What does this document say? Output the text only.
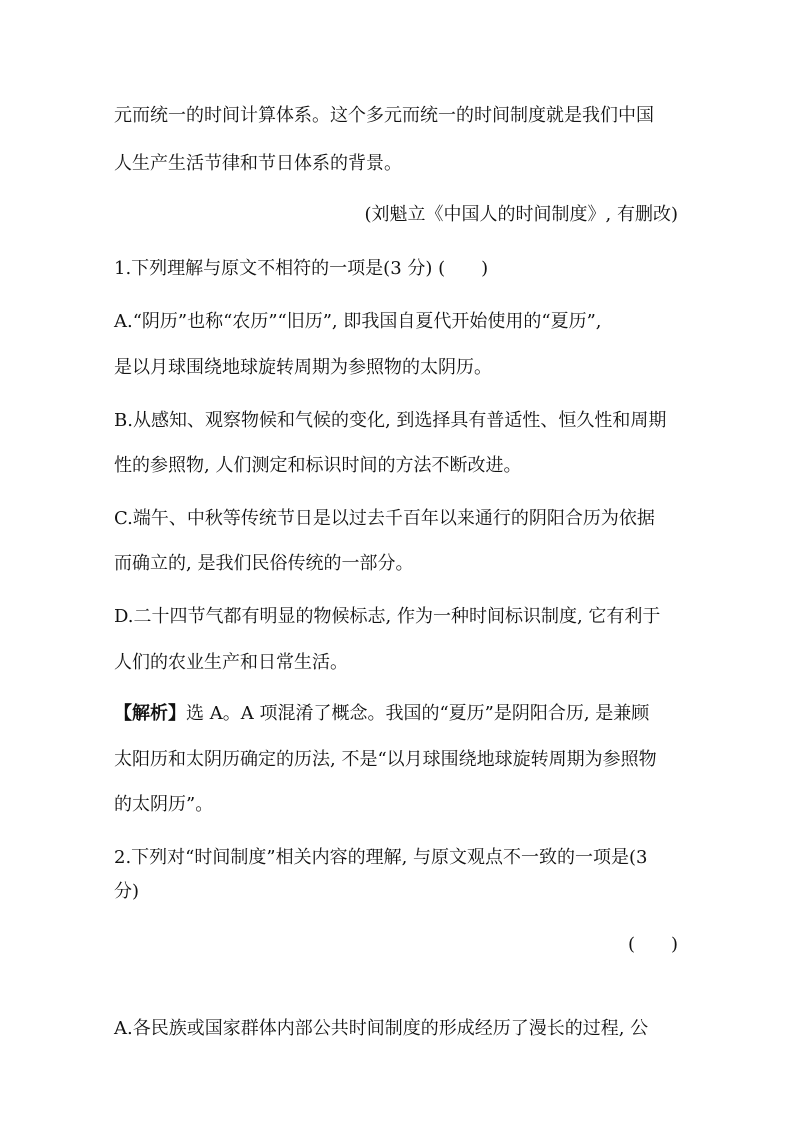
元而统一的时间计算体系。这个多元而统一的时间制度就是我们中国
人生产生活节律和节日体系的背景。
(刘魁立《中国人的时间制度》, 有删改)
1.下列理解与原文不相符的一项是(3 分) (　　)
A.“阴历”也称“农历”“旧历”, 即我国自夏代开始使用的“夏历”,
是以月球围绕地球旋转周期为参照物的太阴历。
B.从感知、观察物候和气候的变化, 到选择具有普适性、恒久性和周期
性的参照物, 人们测定和标识时间的方法不断改进。
C.端午、中秋等传统节日是以过去千百年以来通行的阴阳合历为依据
而确立的, 是我们民俗传统的一部分。
D.二十四节气都有明显的物候标志, 作为一种时间标识制度, 它有利于
人们的农业生产和日常生活。
【解析】选 A。A 项混淆了概念。我国的“夏历”是阴阳合历, 是兼顾
太阳历和太阴历确定的历法, 不是“以月球围绕地球旋转周期为参照物
的太阴历”。
2.下列对“时间制度”相关内容的理解, 与原文观点不一致的一项是(3
分)
(　　)
A.各民族或国家群体内部公共时间制度的形成经历了漫长的过程, 公
